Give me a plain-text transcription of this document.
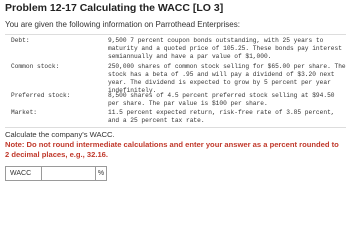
Problem 12-17 Calculating the WACC [LO 3]
You are given the following information on Parrothead Enterprises:
Debt:	9,500 7 percent coupon bonds outstanding, with 25 years to maturity and a quoted price of 105.25. These bonds pay interest semiannually and have a par value of $1,000.
Common stock:	250,000 shares of common stock selling for $65.00 per share. The stock has a beta of .95 and will pay a dividend of $3.20 next year. The dividend is expected to grow by 5 percent per year indefinitely.
Preferred stock:	8,500 shares of 4.5 percent preferred stock selling at $94.50 per share. The par value is $100 per share.
Market:	11.5 percent expected return, risk-free rate of 3.85 percent, and a 25 percent tax rate.
Calculate the company's WACC.
Note: Do not round intermediate calculations and enter your answer as a percent rounded to 2 decimal places, e.g., 32.16.
WACC	%
